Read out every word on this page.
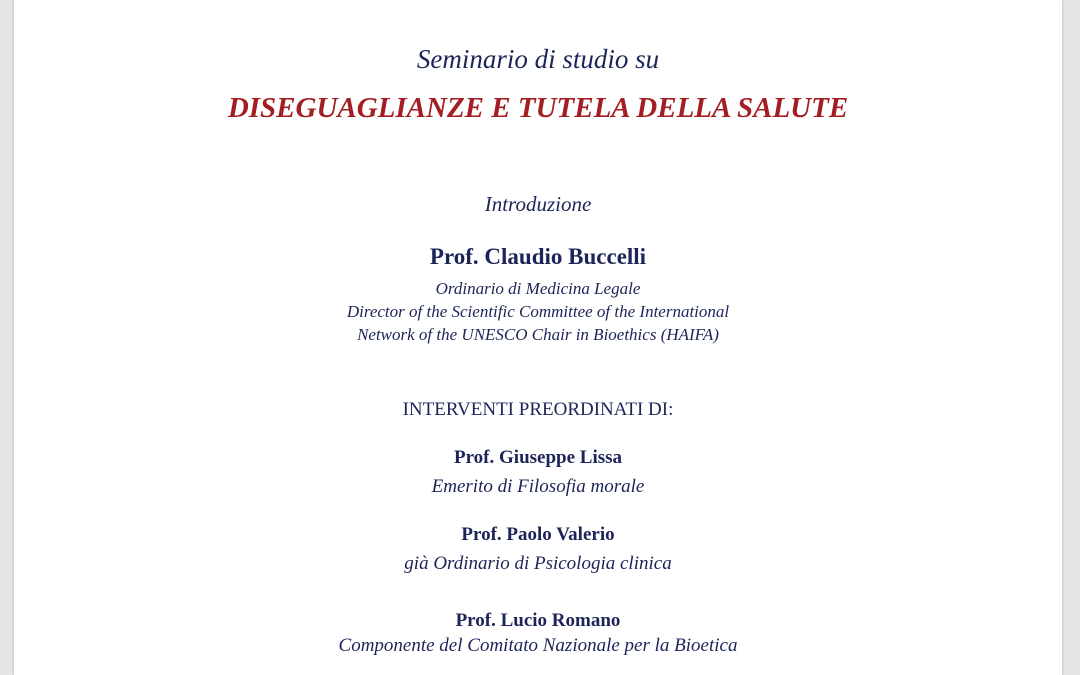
Seminario di studio su
DISEGUAGLIANZE E TUTELA DELLA SALUTE
Introduzione
Prof. Claudio Buccelli
Ordinario di Medicina Legale
Director of the Scientific Committee of the International
Network of the UNESCO Chair in Bioethics (HAIFA)
INTERVENTI PREORDINATI DI:
Prof. Giuseppe Lissa
Emerito di Filosofia morale
Prof. Paolo Valerio
già Ordinario di Psicologia clinica
Prof. Lucio Romano
Componente del Comitato Nazionale per la Bioetica
